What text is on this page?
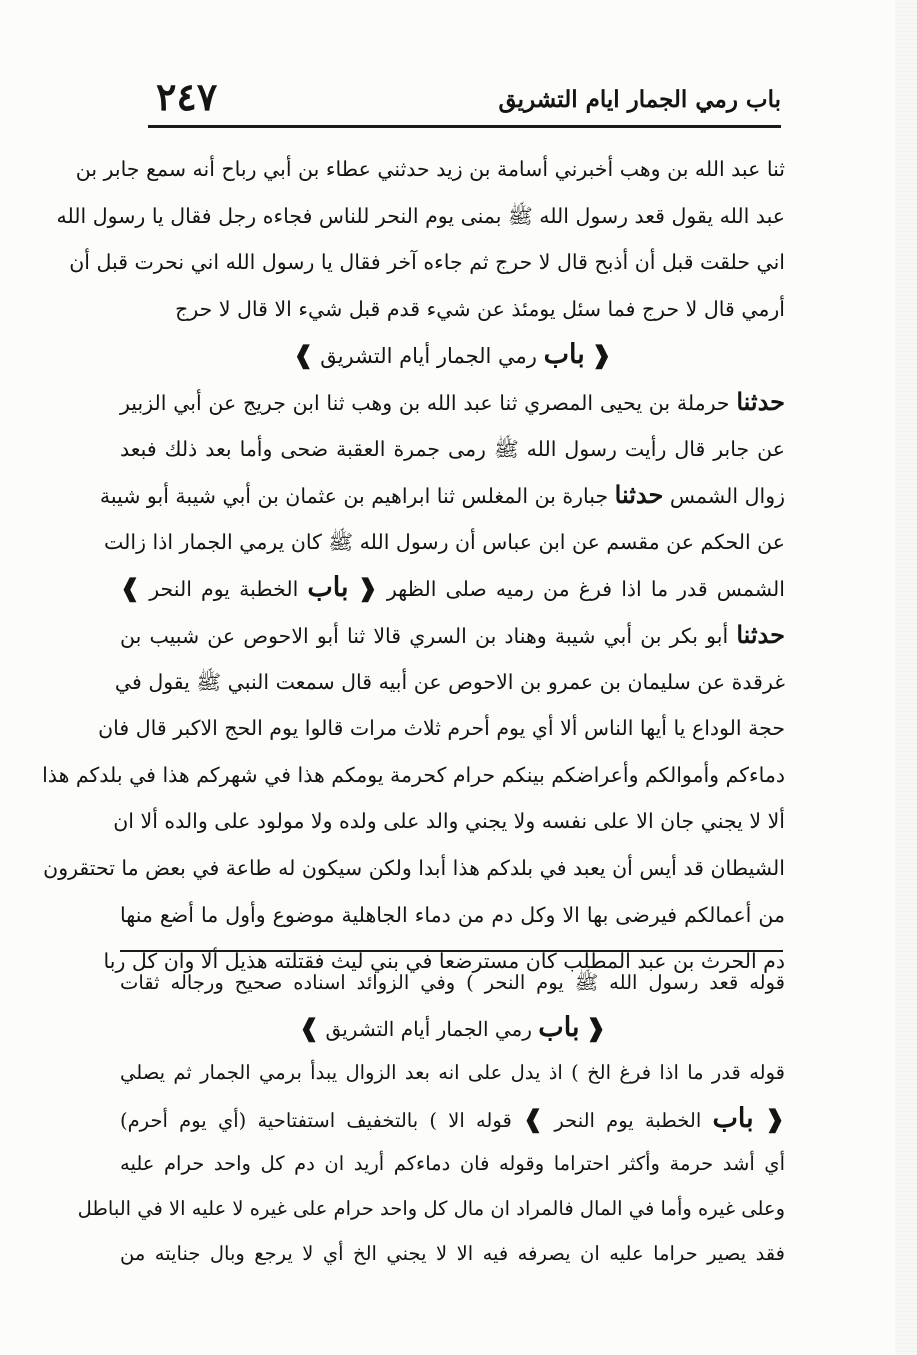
باب رمي الجمار ايام التشريق
٢٤٧
ثنا عبد الله بن وهب أخبرني أسامة بن زيد حدثني عطاء بن أبي رباح أنه سمع جابر بن
عبد الله يقول قعد رسول الله ﷺ بمنى يوم النحر للناس فجاءه رجل فقال يا رسول الله
اني حلقت قبل أن أذبح قال لا حرج ثم جاءه آخر فقال يا رسول الله اني نحرت قبل أن
أرمي قال لا حرج فما سئل يومئذ عن شيء قدم قبل شيء الا قال لا حرج
❰ باب رمي الجمار أيام التشريق ❱
حدثنا حرملة بن يحيى المصري ثنا عبد الله بن وهب ثنا ابن جريج عن أبي الزبير
عن جابر قال رأيت رسول الله ﷺ رمى جمرة العقبة ضحى وأما بعد ذلك فبعد
زوال الشمس حدثنا جبارة بن المغلس ثنا ابراهيم بن عثمان بن أبي شيبة أبو شيبة
عن الحكم عن مقسم عن ابن عباس أن رسول الله ﷺ كان يرمي الجمار اذا زالت
الشمس قدر ما اذا فرغ من رميه صلى الظهر ❰ باب الخطبة يوم النحر ❱
حدثنا أبو بكر بن أبي شيبة وهناد بن السري قالا ثنا أبو الاحوص عن شبيب بن
غرقدة عن سليمان بن عمرو بن الاحوص عن أبيه قال سمعت النبي ﷺ يقول في
حجة الوداع يا أيها الناس ألا أي يوم أحرم ثلاث مرات قالوا يوم الحج الاكبر قال فان
دماءكم وأموالكم وأعراضكم بينكم حرام كحرمة يومكم هذا في شهركم هذا في بلدكم هذا
ألا لا يجني جان الا على نفسه ولا يجني والد على ولده ولا مولود على والده ألا ان
الشيطان قد أيس أن يعبد في بلدكم هذا أبدا ولكن سيكون له طاعة في بعض ما تحتقرون
من أعمالكم فيرضى بها الا وكل دم من دماء الجاهلية موضوع وأول ما أضع منها
دم الحرث بن عبد المطلب كان مسترضعا في بني ليث فقتلته هذيل ألا وان كل ربا
قوله قعد رسول الله ﷺ يوم النحر ) وفي الزوائد اسناده صحيح ورجاله ثقات
❰ باب رمي الجمار أيام التشريق ❱
قوله قدر ما اذا فرغ الخ ) اذ يدل على انه بعد الزوال يبدأ برمي الجمار ثم يصلي
❰ باب الخطبة يوم النحر ❱ قوله الا ) بالتخفيف استفتاحية (أي يوم أحرم)
أي أشد حرمة وأكثر احتراما وقوله فان دماءكم أريد ان دم كل واحد حرام عليه
وعلى غيره وأما في المال فالمراد ان مال كل واحد حرام على غيره لا عليه الا في الباطل
فقد يصير حراما عليه ان يصرفه فيه الا لا يجني الخ أي لا يرجع وبال جنايته من
